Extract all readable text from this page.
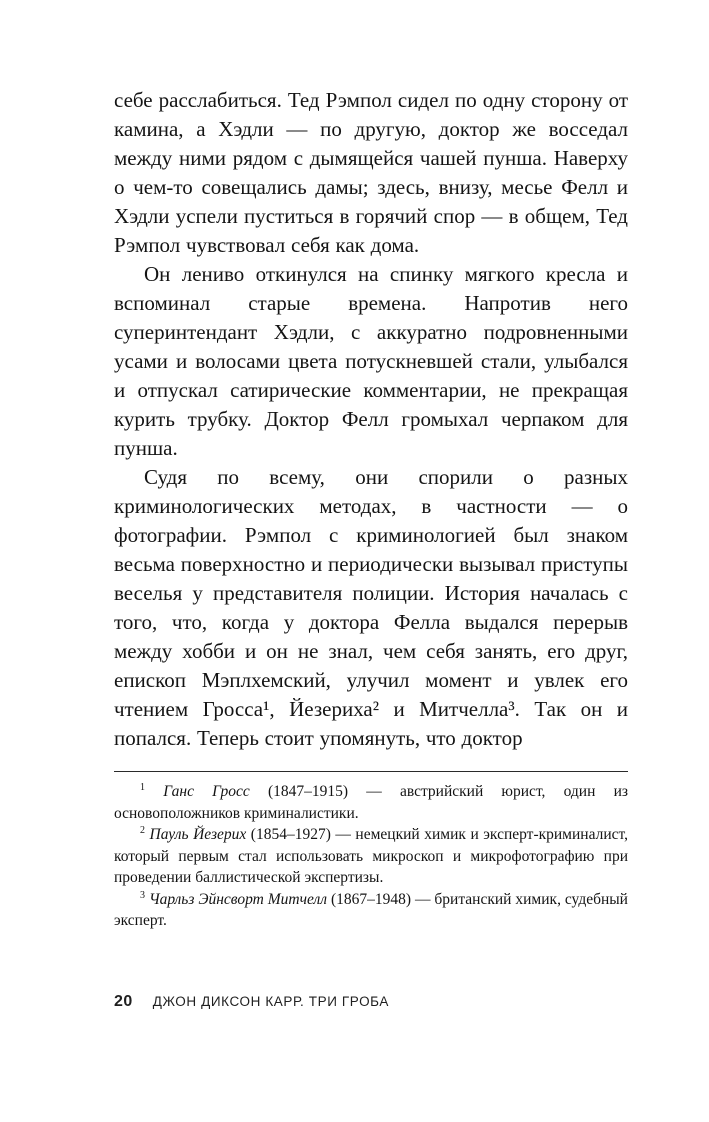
себе расслабиться. Тед Рэмпол сидел по одну сторону от камина, а Хэдли — по другую, доктор же восседал между ними рядом с дымящейся чашей пунша. Наверху о чем-то совещались дамы; здесь, внизу, месье Фелл и Хэдли успели пуститься в горячий спор — в общем, Тед Рэмпол чувствовал себя как дома.

Он лениво откинулся на спинку мягкого кресла и вспоминал старые времена. Напротив него суперинтендант Хэдли, с аккуратно подровненными усами и волосами цвета потускневшей стали, улыбался и отпускал сатирические комментарии, не прекращая курить трубку. Доктор Фелл громыхал черпаком для пунша.

Судя по всему, они спорили о разных криминологических методах, в частности — о фотографии. Рэмпол с криминологией был знаком весьма поверхностно и периодически вызывал приступы веселья у представителя полиции. История началась с того, что, когда у доктора Фелла выдался перерыв между хобби и он не знал, чем себя занять, его друг, епископ Мэплхемский, улучил момент и увлек его чтением Гросса¹, Йезериха² и Митчелла³. Так он и попался. Теперь стоит упомянуть, что доктор

$^1$ Ганс Гросс (1847–1915) — австрийский юрист, один из основоположников криминалистики.

$^2$ Пауль Йезерих (1854–1927) — немецкий химик и эксперт-криминалист, который первым стал использовать микроскоп и микрофотографию при проведении баллистической экспертизы.

$^3$ Чарльз Эйнсворт Митчелл (1867–1948) — британский химик, судебный эксперт.

20 ДЖОН ДИКСОН КАРР. ТРИ ГРОБА
